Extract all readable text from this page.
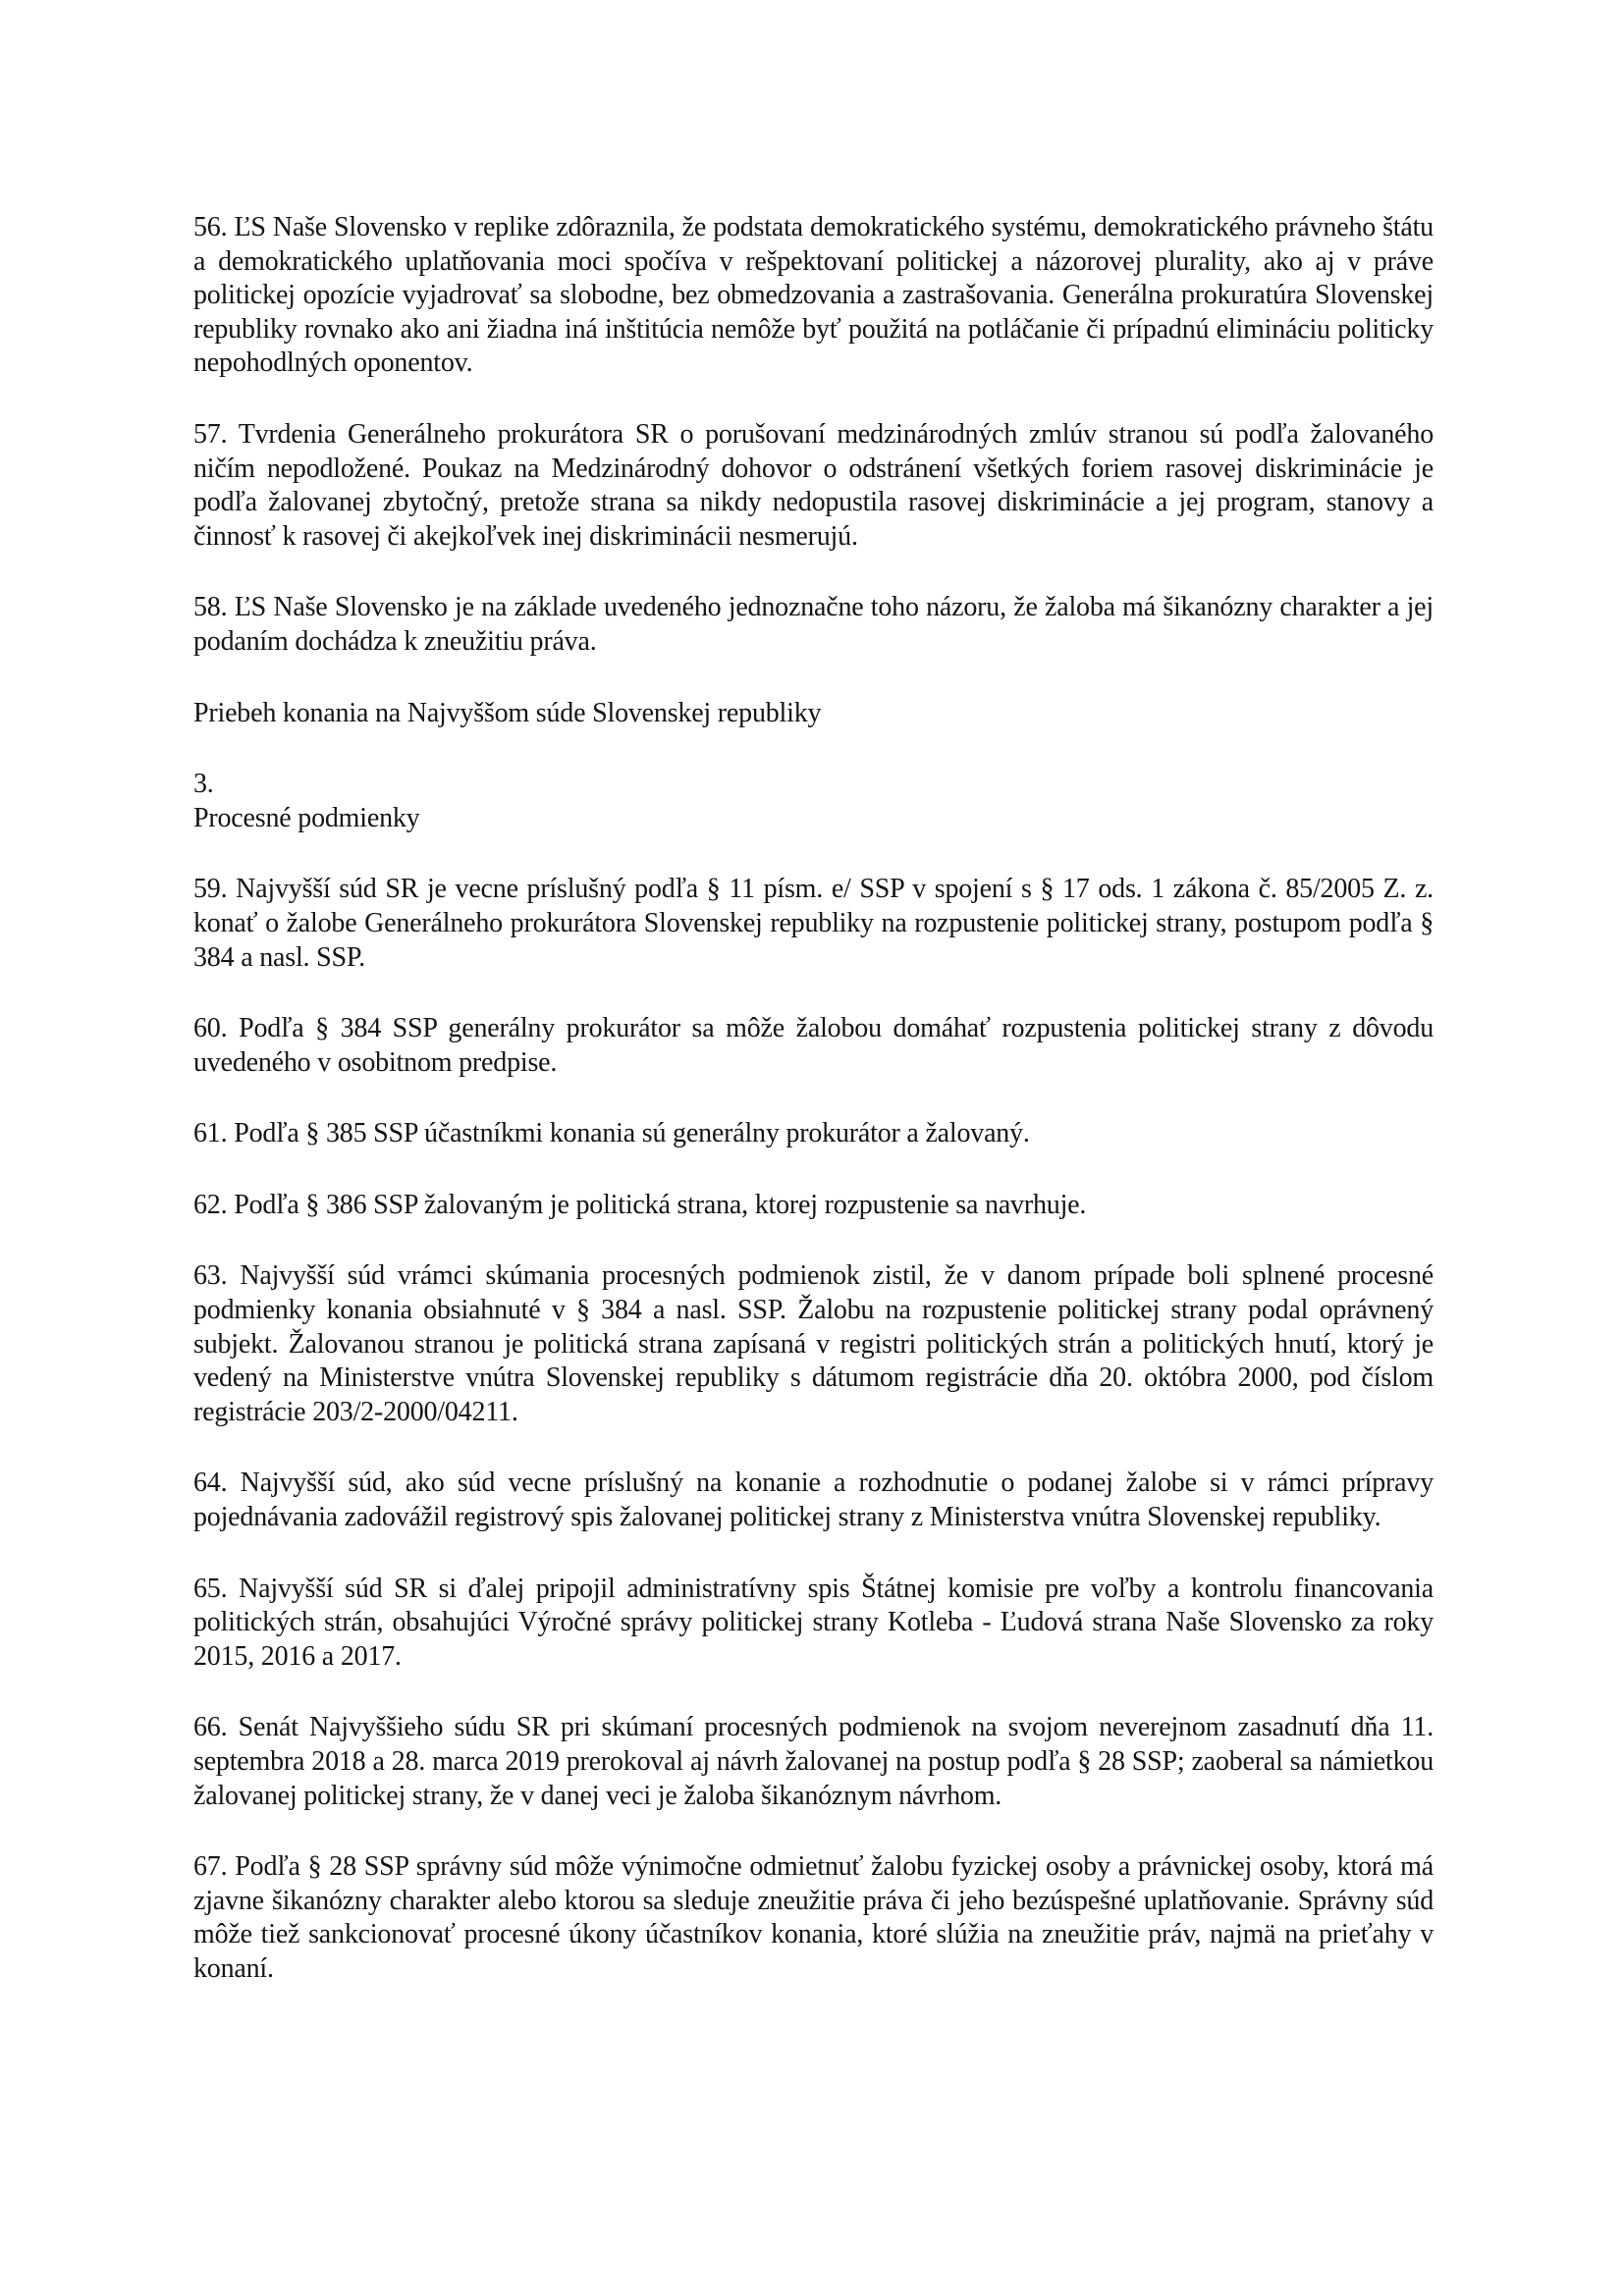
56. ĽS Naše Slovensko v replike zdôraznila, že podstata demokratického systému, demokratického právneho štátu a demokratického uplatňovania moci spočíva v rešpektovaní politickej a názorovej plurality, ako aj v práve politickej opozície vyjadrovať sa slobodne, bez obmedzovania a zastrašovania. Generálna prokuratúra Slovenskej republiky rovnako ako ani žiadna iná inštitúcia nemôže byť použitá na potláčanie či prípadnú elimináciu politicky nepohodlných oponentov.

57. Tvrdenia Generálneho prokurátora SR o porušovaní medzinárodných zmlúv stranou sú podľa žalovaného ničím nepodložené. Poukaz na Medzinárodný dohovor o odstránení všetkých foriem rasovej diskriminácie je podľa žalovanej zbytočný, pretože strana sa nikdy nedopustila rasovej diskriminácie a jej program, stanovy a činnosť k rasovej či akejkoľvek inej diskriminácii nesmerujú.

58. ĽS Naše Slovensko je na základe uvedeného jednoznačne toho názoru, že žaloba má šikanózny charakter a jej podaním dochádza k zneužitiu práva.

Priebeh konania na Najvyššom súde Slovenskej republiky

3.

Procesné podmienky

59. Najvyšší súd SR je vecne príslušný podľa § 11 písm. e/ SSP v spojení s § 17 ods. 1 zákona č. 85/2005 Z. z. konať o žalobe Generálneho prokurátora Slovenskej republiky na rozpustenie politickej strany, postupom podľa § 384 a nasl. SSP.

60. Podľa § 384 SSP generálny prokurátor sa môže žalobou domáhať rozpustenia politickej strany z dôvodu uvedeného v osobitnom predpise.

61. Podľa § 385 SSP účastníkmi konania sú generálny prokurátor a žalovaný.

62. Podľa § 386 SSP žalovaným je politická strana, ktorej rozpustenie sa navrhuje.

63. Najvyšší súd vrámci skúmania procesných podmienok zistil, že v danom prípade boli splnené procesné podmienky konania obsiahnuté v § 384 a nasl. SSP. Žalobu na rozpustenie politickej strany podal oprávnený subjekt. Žalovanou stranou je politická strana zapísaná v registri politických strán a politických hnutí, ktorý je vedený na Ministerstve vnútra Slovenskej republiky s dátumom registrácie dňa 20. októbra 2000, pod číslom registrácie 203/2-2000/04211.

64. Najvyšší súd, ako súd vecne príslušný na konanie a rozhodnutie o podanej žalobe si v rámci prípravy pojednávania zadovážil registrový spis žalovanej politickej strany z Ministerstva vnútra Slovenskej republiky.

65. Najvyšší súd SR si ďalej pripojil administratívny spis Štátnej komisie pre voľby a kontrolu financovania politických strán, obsahujúci Výročné správy politickej strany Kotleba - Ľudová strana Naše Slovensko za roky 2015, 2016 a 2017.

66. Senát Najvyššieho súdu SR pri skúmaní procesných podmienok na svojom neverejnom zasadnutí dňa 11. septembra 2018 a 28. marca 2019 prerokoval aj návrh žalovanej na postup podľa § 28 SSP; zaoberal sa námietkou žalovanej politickej strany, že v danej veci je žaloba šikanóznym návrhom.

67. Podľa § 28 SSP správny súd môže výnimočne odmietnuť žalobu fyzickej osoby a právnickej osoby, ktorá má zjavne šikanózny charakter alebo ktorou sa sleduje zneužitie práva či jeho bezúspešné uplatňovanie. Správny súd môže tiež sankcionovať procesné úkony účastníkov konania, ktoré slúžia na zneužitie práv, najmä na prieťahy v konaní.
